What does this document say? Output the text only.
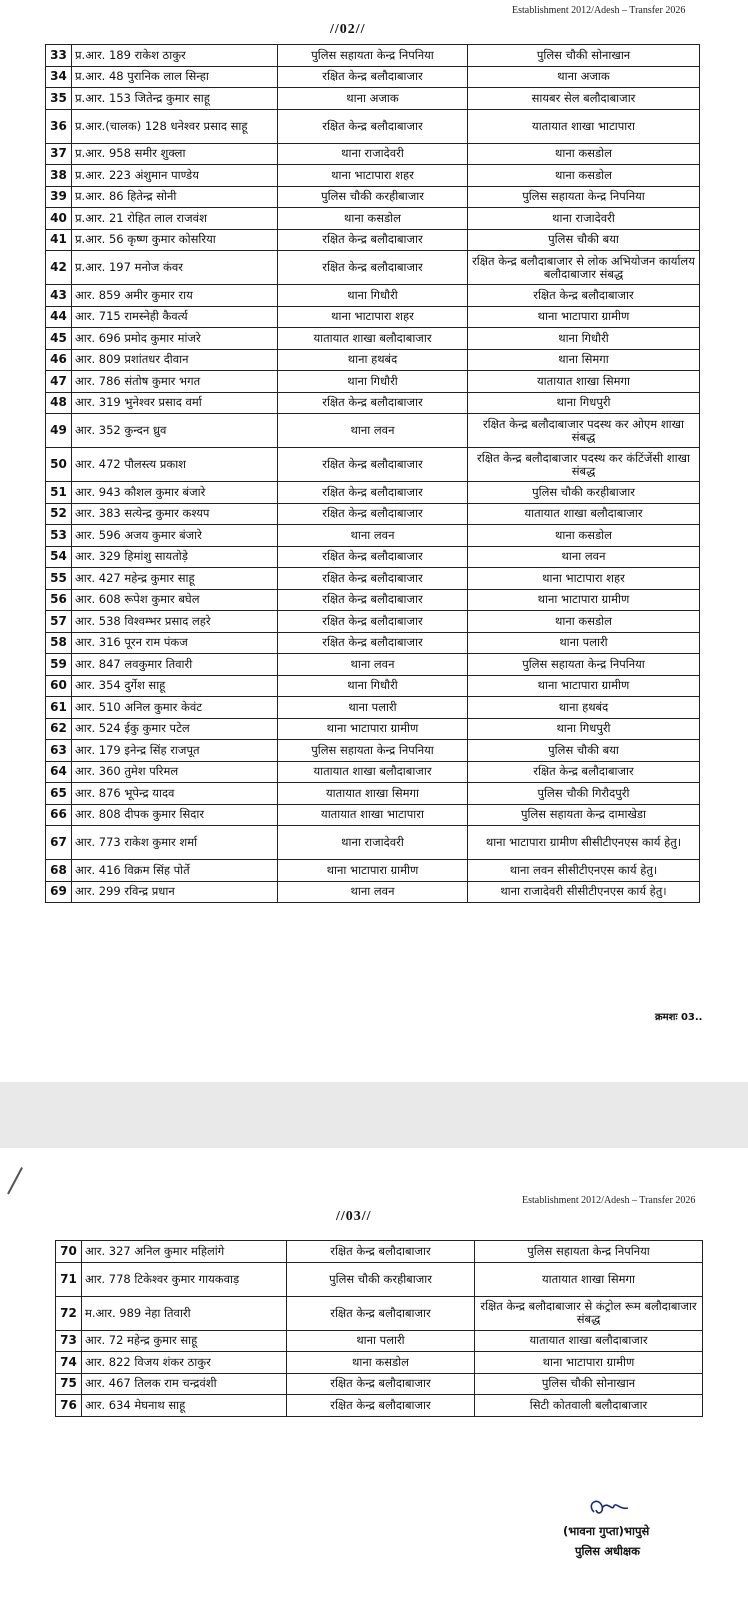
Establishment 2012/Adesh – Transfer 2026
//02//
33	प्र.आर. 189 राकेश ठाकुर	पुलिस सहायता केन्द्र निपनिया	पुलिस चौकी सोनाखान
34	प्र.आर. 48 पुरानिक लाल सिन्हा	रक्षित केन्द्र बलौदाबाजार	थाना अजाक
35	प्र.आर. 153 जितेन्द्र कुमार साहू	थाना अजाक	सायबर सेल बलौदाबाजार
36	प्र.आर.(चालक) 128 धनेश्वर प्रसाद साहू	रक्षित केन्द्र बलौदाबाजार	यातायात शाखा भाटापारा
37	प्र.आर. 958 समीर शुक्ला	थाना राजादेवरी	थाना कसडोल
38	प्र.आर. 223 अंशुमान पाण्डेय	थाना भाटापारा शहर	थाना कसडोल
39	प्र.आर. 86 हितेन्द्र सोनी	पुलिस चौकी करहीबाजार	पुलिस सहायता केन्द्र निपनिया
40	प्र.आर. 21 रोहित लाल राजवंश	थाना कसडोल	थाना राजादेवरी
41	प्र.आर. 56 कृष्ण कुमार कोसरिया	रक्षित केन्द्र बलौदाबाजार	पुलिस चौकी बया
42	प्र.आर. 197 मनोज कंवर	रक्षित केन्द्र बलौदाबाजार	रक्षित केन्द्र बलौदाबाजार से लोक अभियोजन कार्यालय बलौदाबाजार संबद्ध
43	आर. 859 अमीर कुमार राय	थाना गिधौरी	रक्षित केन्द्र बलौदाबाजार
44	आर. 715 रामस्नेही कैवर्त्य	थाना भाटापारा शहर	थाना भाटापारा ग्रामीण
45	आर. 696 प्रमोद कुमार मांजरे	यातायात शाखा बलौदाबाजार	थाना गिधौरी
46	आर. 809 प्रशांतधर दीवान	थाना हथबंद	थाना सिमगा
47	आर. 786 संतोष कुमार भगत	थाना गिधौरी	यातायात शाखा सिमगा
48	आर. 319 भुनेश्वर प्रसाद वर्मा	रक्षित केन्द्र बलौदाबाजार	थाना गिधपुरी
49	आर. 352 कुन्दन ध्रुव	थाना लवन	रक्षित केन्द्र बलौदाबाजार पदस्थ कर ओएम शाखा संबद्ध
50	आर. 472 पौलस्त्य प्रकाश	रक्षित केन्द्र बलौदाबाजार	रक्षित केन्द्र बलौदाबाजार पदस्थ कर कंटिंजेंसी शाखा संबद्ध
51	आर. 943 कौशल कुमार बंजारे	रक्षित केन्द्र बलौदाबाजार	पुलिस चौकी करहीबाजार
52	आर. 383 सत्येन्द्र कुमार कश्यप	रक्षित केन्द्र बलौदाबाजार	यातायात शाखा बलौदाबाजार
53	आर. 596 अजय कुमार बंजारे	थाना लवन	थाना कसडोल
54	आर. 329 हिमांशु सायतोड़े	रक्षित केन्द्र बलौदाबाजार	थाना लवन
55	आर. 427 महेन्द्र कुमार साहू	रक्षित केन्द्र बलौदाबाजार	थाना भाटापारा शहर
56	आर. 608 रूपेश कुमार बघेल	रक्षित केन्द्र बलौदाबाजार	थाना भाटापारा ग्रामीण
57	आर. 538 विश्वम्भर प्रसाद लहरे	रक्षित केन्द्र बलौदाबाजार	थाना कसडोल
58	आर. 316 पूरन राम पंकज	रक्षित केन्द्र बलौदाबाजार	थाना पलारी
59	आर. 847 लवकुमार तिवारी	थाना लवन	पुलिस सहायता केन्द्र निपनिया
60	आर. 354 दुर्गेश साहू	थाना गिधौरी	थाना भाटापारा ग्रामीण
61	आर. 510 अनिल कुमार केवंट	थाना पलारी	थाना हथबंद
62	आर. 524 ईकु कुमार पटेल	थाना भाटापारा ग्रामीण	थाना गिधपुरी
63	आर. 179 इनेन्द्र सिंह राजपूत	पुलिस सहायता केन्द्र निपनिया	पुलिस चौकी बया
64	आर. 360 तुमेश परिमल	यातायात शाखा बलौदाबाजार	रक्षित केन्द्र बलौदाबाजार
65	आर. 876 भूपेन्द्र यादव	यातायात शाखा सिमगा	पुलिस चौकी गिरौदपुरी
66	आर. 808 दीपक कुमार सिदार	यातायात शाखा भाटापारा	पुलिस सहायता केन्द्र दामाखेडा
67	आर. 773 राकेश कुमार शर्मा	थाना राजादेवरी	थाना भाटापारा ग्रामीण सीसीटीएनएस कार्य हेतु।
68	आर. 416 विक्रम सिंह पोर्ते	थाना भाटापारा ग्रामीण	थाना लवन सीसीटीएनएस कार्य हेतु।
69	आर. 299 रविन्द्र प्रधान	थाना लवन	थाना राजादेवरी सीसीटीएनएस कार्य हेतु।
क्रमशः 03..
Establishment 2012/Adesh – Transfer 2026
//03//
70	आर. 327 अनिल कुमार महिलांगे	रक्षित केन्द्र बलौदाबाजार	पुलिस सहायता केन्द्र निपनिया
71	आर. 778 टिकेश्वर कुमार गायकवाड़	पुलिस चौकी करहीबाजार	यातायात शाखा सिमगा
72	म.आर. 989 नेहा तिवारी	रक्षित केन्द्र बलौदाबाजार	रक्षित केन्द्र बलौदाबाजार से कंट्रोल रूम बलौदाबाजार संबद्ध
73	आर. 72 महेन्द्र कुमार साहू	थाना पलारी	यातायात शाखा बलौदाबाजार
74	आर. 822 विजय शंकर ठाकुर	थाना कसडोल	थाना भाटापारा ग्रामीण
75	आर. 467 तिलक राम चन्द्रवंशी	रक्षित केन्द्र बलौदाबाजार	पुलिस चौकी सोनाखान
76	आर. 634 मेघनाथ साहू	रक्षित केन्द्र बलौदाबाजार	सिटी कोतवाली बलौदाबाजार
(भावना गुप्ता)भापुसे
पुलिस अधीक्षक
